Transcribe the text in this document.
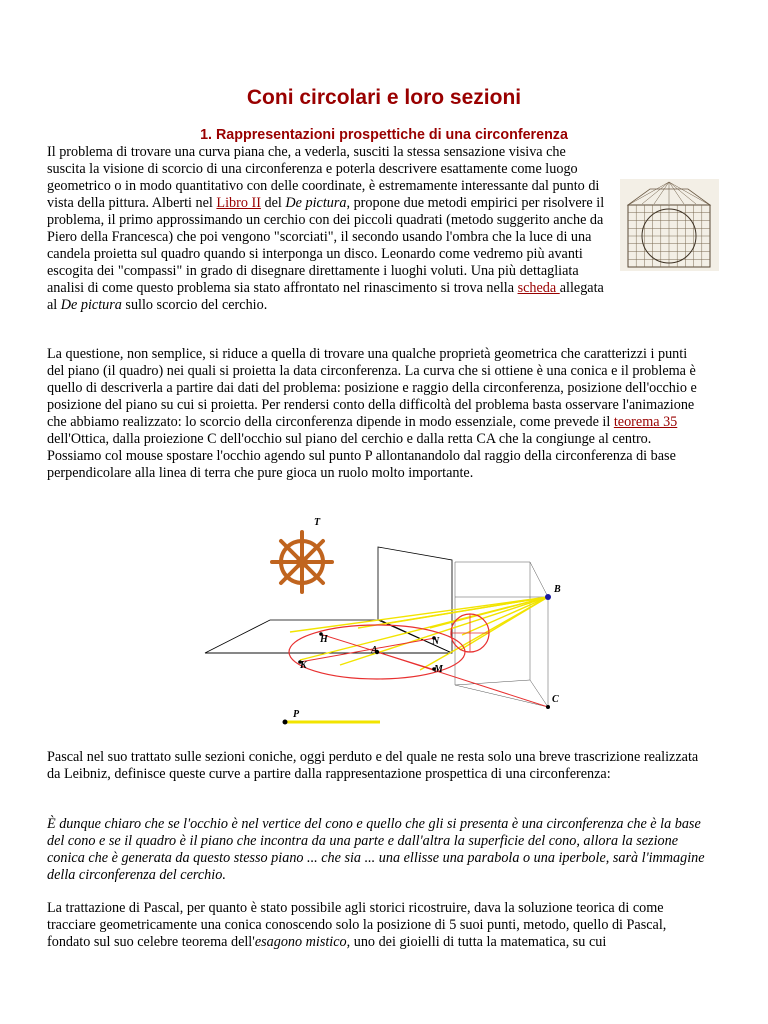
Coni circolari e loro sezioni
1. Rappresentazioni prospettiche di una circonferenza

Il problema di trovare una curva piana che, a vederla, susciti la stessa sensazione visiva che suscita la visione di scorcio di una circonferenza e poterla descrivere esattamente come luogo geometrico o in modo quantitativo con delle coordinate, è estremamente interessante dal punto di vista della pittura. Alberti nel Libro II del De pictura, propone due metodi empirici per risolvere il problema, il primo approssimando un cerchio con dei piccoli quadrati (metodo suggerito anche da Piero della Francesca) che poi vengono "scorciati", il secondo usando l'ombra che la luce di una candela proietta sul quadro quando si interponga un disco. Leonardo come vedremo più avanti escogita dei "compassi" in grado di disegnare direttamente i luoghi voluti. Una più dettagliata analisi di come questo problema sia stato affrontato nel rinascimento si trova nella scheda allegata al De pictura sullo scorcio del cerchio.

La questione, non semplice, si riduce a quella di trovare una qualche proprietà geometrica che caratterizzi i punti del piano (il quadro) nei quali si proietta la data circonferenza. La curva che si ottiene è una conica e il problema è quello di descriverla a partire dai dati del problema: posizione e raggio della circonferenza, posizione dell'occhio e posizione del piano su cui si proietta. Per rendersi conto della difficoltà del problema basta osservare l'animazione che abbiamo realizzato: lo scorcio della circonferenza dipende in modo essenziale, come prevede il teorema 35 dell'Ottica, dalla proiezione C dell'occhio sul piano del cerchio e dalla retta CA che la congiunge al centro. Possiamo col mouse spostare l'occhio agendo sul punto P allontanandolo dal raggio della circonferenza di base perpendicolare alla linea di terra che pure gioca un ruolo molto importante.

T
B
H	N
A
K	M
C
P

Pascal nel suo trattato sulle sezioni coniche, oggi perduto e del quale ne resta solo una breve trascrizione realizzata da Leibniz, definisce queste curve a partire dalla rappresentazione prospettica di una circonferenza:

È dunque chiaro che se l'occhio è nel vertice del cono e quello che gli si presenta è una circonferenza che è la base del cono e se il quadro è il piano che incontra da una parte e dall'altra la superficie del cono, allora la sezione conica che è generata da questo stesso piano ... che sia ... una ellisse una parabola o una iperbole, sarà l'immagine della circonferenza del cerchio.

La trattazione di Pascal, per quanto è stato possibile agli storici ricostruire, dava la soluzione teorica di come tracciare geometricamente una conica conoscendo solo la posizione di 5 suoi punti, metodo, quello di Pascal, fondato sul suo celebre teorema dell'esagono mistico, uno dei gioielli di tutta la matematica, su cui
